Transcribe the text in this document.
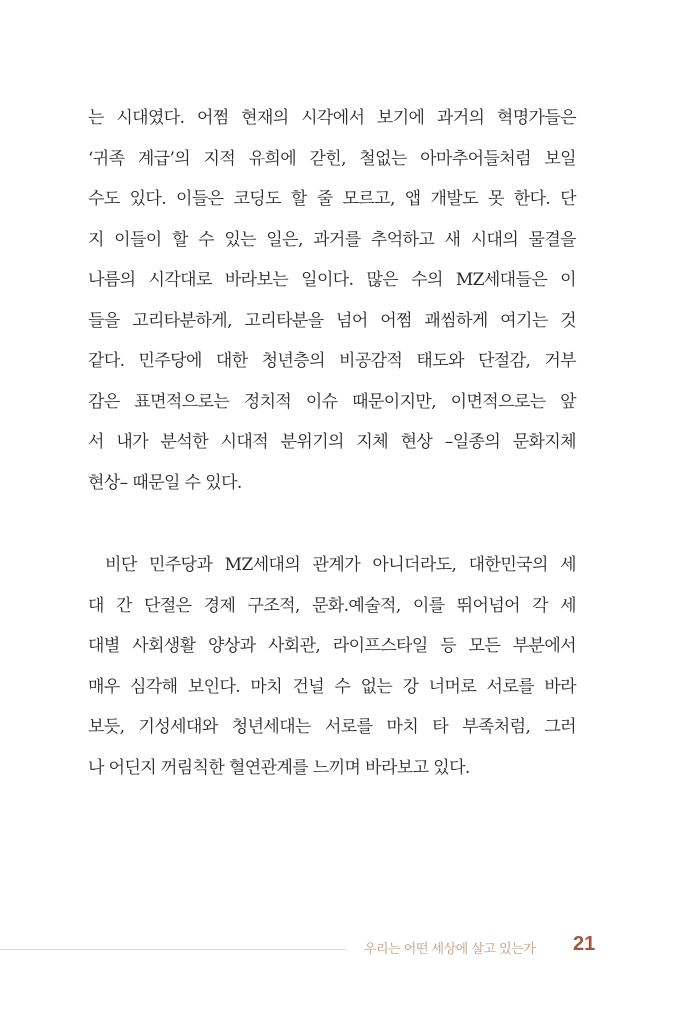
는 시대였다. 어쩜 현재의 시각에서 보기에 과거의 혁명가들은
‘귀족 계급’의 지적 유희에 갇힌, 철없는 아마추어들처럼 보일
수도 있다. 이들은 코딩도 할 줄 모르고, 앱 개발도 못 한다. 단
지 이들이 할 수 있는 일은, 과거를 추억하고 새 시대의 물결을
나름의 시각대로 바라보는 일이다. 많은 수의 MZ세대들은 이
들을 고리타분하게, 고리타분을 넘어 어쩜 괘씸하게 여기는 것
같다. 민주당에 대한 청년층의 비공감적 태도와 단절감, 거부
감은 표면적으로는 정치적 이슈 때문이지만, 이면적으로는 앞
서 내가 분석한 시대적 분위기의 지체 현상 –일종의 문화지체
현상– 때문일 수 있다.
비단 민주당과 MZ세대의 관계가 아니더라도, 대한민국의 세
대 간 단절은 경제 구조적, 문화.예술적, 이를 뛰어넘어 각 세
대별 사회생활 양상과 사회관, 라이프스타일 등 모든 부분에서
매우 심각해 보인다. 마치 건널 수 없는 강 너머로 서로를 바라
보듯, 기성세대와 청년세대는 서로를 마치 타 부족처럼, 그러
나 어딘지 꺼림칙한 혈연관계를 느끼며 바라보고 있다.
우리는 어떤 세상에 살고 있는가 21
